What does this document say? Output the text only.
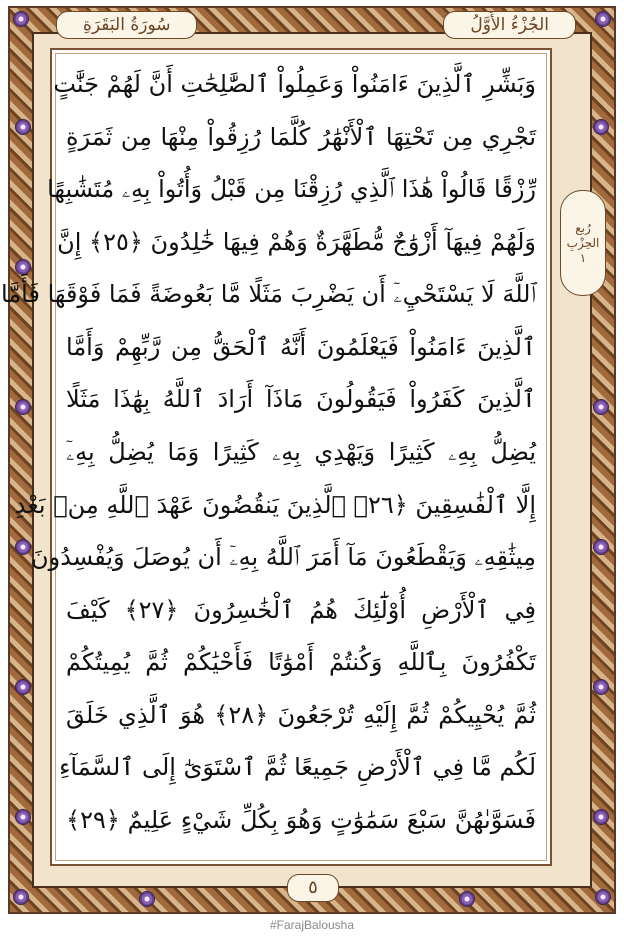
سُورَةُ البَقَرَةِ	الجُزْءُ الأَوَّلُ
رُبع
الحِزْبِ
١
وَبَشِّرِ ٱلَّذِينَ ءَامَنُواْ وَعَمِلُواْ ٱلصَّٰلِحَٰتِ أَنَّ لَهُمْ جَنَّٰتٍ
تَجْرِي مِن تَحْتِهَا ٱلْأَنْهَٰرُ كُلَّمَا رُزِقُواْ مِنْهَا مِن ثَمَرَةٍ
رِّزْقًا قَالُواْ هَٰذَا ٱلَّذِي رُزِقْنَا مِن قَبْلُ وَأُتُواْ بِهِۦ مُتَشَٰبِهًا
وَلَهُمْ فِيهَآ أَزْوَٰجٌ مُّطَهَّرَةٌ وَهُمْ فِيهَا خَٰلِدُونَ ﴿٢٥﴾ إِنَّ
ٱللَّهَ لَا يَسْتَحْيِۦٓ أَن يَضْرِبَ مَثَلًا مَّا بَعُوضَةً فَمَا فَوْقَهَا فَأَمَّا
ٱلَّذِينَ ءَامَنُواْ فَيَعْلَمُونَ أَنَّهُ ٱلْحَقُّ مِن رَّبِّهِمْ وَأَمَّا
ٱلَّذِينَ كَفَرُواْ فَيَقُولُونَ مَاذَآ أَرَادَ ٱللَّهُ بِهَٰذَا مَثَلًا
يُضِلُّ بِهِۦ كَثِيرًا وَيَهْدِي بِهِۦ كَثِيرًا وَمَا يُضِلُّ بِهِۦٓ
إِلَّا ٱلْفَٰسِقِينَ ﴿٢٦﴾ ٱلَّذِينَ يَنقُضُونَ عَهْدَ ٱللَّهِ مِنۢ بَعْدِ
مِيثَٰقِهِۦ وَيَقْطَعُونَ مَآ أَمَرَ ٱللَّهُ بِهِۦٓ أَن يُوصَلَ وَيُفْسِدُونَ
فِي ٱلْأَرْضِ أُوْلَٰٓئِكَ هُمُ ٱلْخَٰسِرُونَ ﴿٢٧﴾ كَيْفَ
تَكْفُرُونَ بِٱللَّهِ وَكُنتُمْ أَمْوَٰتًا فَأَحْيَٰكُمْ ثُمَّ يُمِيتُكُمْ
ثُمَّ يُحْيِيكُمْ ثُمَّ إِلَيْهِ تُرْجَعُونَ ﴿٢٨﴾ هُوَ ٱلَّذِي خَلَقَ
لَكُم مَّا فِي ٱلْأَرْضِ جَمِيعًا ثُمَّ ٱسْتَوَىٰٓ إِلَى ٱلسَّمَآءِ
فَسَوَّىٰهُنَّ سَبْعَ سَمَٰوَٰتٍ وَهُوَ بِكُلِّ شَيْءٍ عَلِيمٌ ﴿٢٩﴾
٥
#FarajBaloushа
